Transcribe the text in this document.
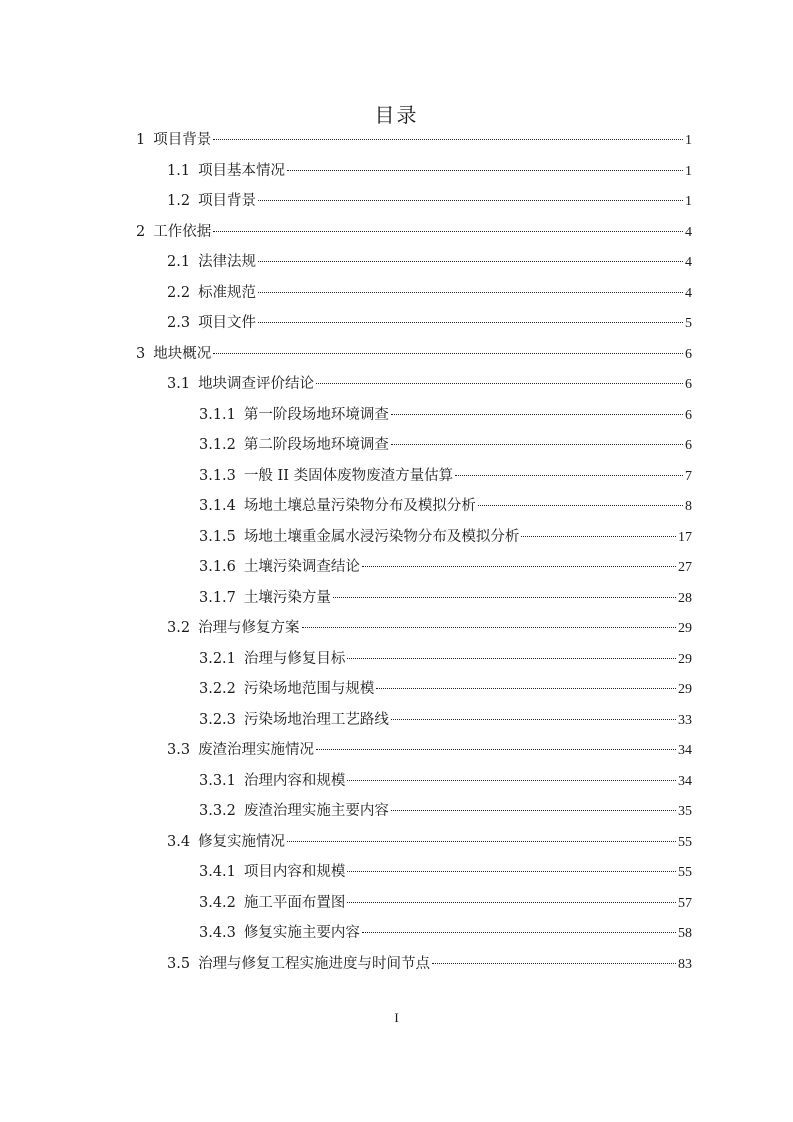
目录
1 项目背景	1
1.1 项目基本情况	1
1.2 项目背景	1
2 工作依据	4
2.1 法律法规	4
2.2 标准规范	4
2.3 项目文件	5
3 地块概况	6
3.1 地块调查评价结论	6
3.1.1 第一阶段场地环境调查	6
3.1.2 第二阶段场地环境调查	6
3.1.3 一般 II 类固体废物废渣方量估算	7
3.1.4 场地土壤总量污染物分布及模拟分析	8
3.1.5 场地土壤重金属水浸污染物分布及模拟分析	17
3.1.6 土壤污染调查结论	27
3.1.7 土壤污染方量	28
3.2 治理与修复方案	29
3.2.1 治理与修复目标	29
3.2.2 污染场地范围与规模	29
3.2.3 污染场地治理工艺路线	33
3.3 废渣治理实施情况	34
3.3.1 治理内容和规模	34
3.3.2 废渣治理实施主要内容	35
3.4 修复实施情况	55
3.4.1 项目内容和规模	55
3.4.2 施工平面布置图	57
3.4.3 修复实施主要内容	58
3.5 治理与修复工程实施进度与时间节点	83
I
